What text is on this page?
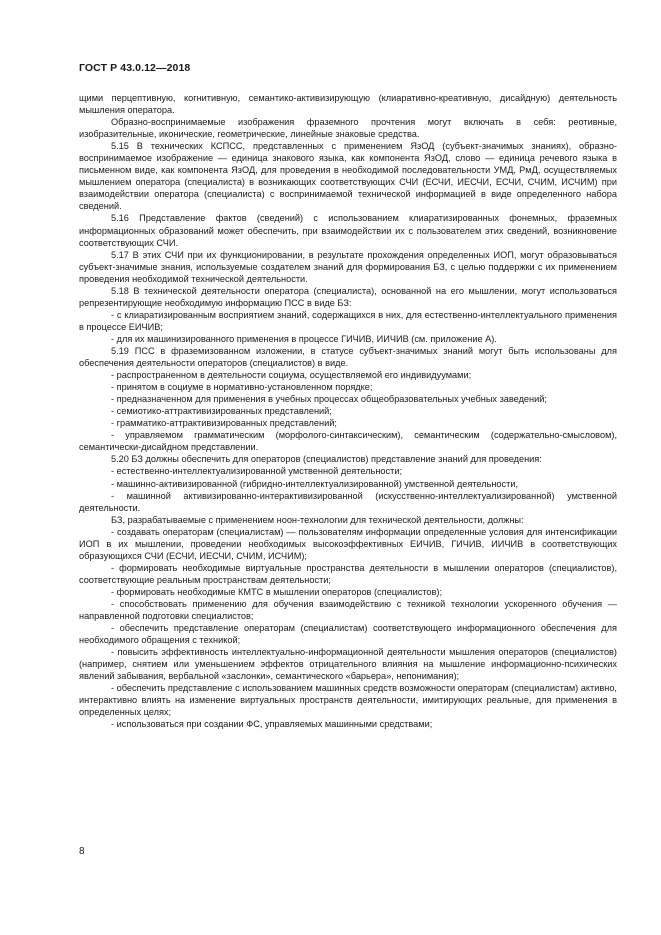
ГОСТ Р 43.0.12—2018

щими перцептивную, когнитивную, семантико-активизирующую (клиаративно-креативную, дисайдную) деятельность мышления оператора.

Образно-воспринимаемые изображения фраземного прочтения могут включать в себя: реотивные, изобразительные, иконические, геометрические, линейные знаковые средства.

5.15 В технических КСПСС, представленных с применением ЯзОД (субъект-значимых знаниях), образно-воспринимаемое изображение — единица знакового языка, как компонента ЯзОД, слово — единица речевого языка в письменном виде, как компонента ЯзОД, для проведения в необходимой последовательности УМД, РмД, осуществляемых мышлением оператора (специалиста) в возникающих соответствующих СЧИ (ЕСЧИ, ИЕСЧИ, ЕСЧИ, СЧИМ, ИСЧИМ) при взаимодействии оператора (специалиста) с воспринимаемой технической информацией в виде определенного набора сведений.

5.16 Представление фактов (сведений) с использованием клиаратизированных фонемных, фраземных информационных образований может обеспечить, при взаимодействии их с пользователем этих сведений, возникновение соответствующих СЧИ.

5.17 В этих СЧИ при их функционировании, в результате прохождения определенных ИОП, могут образовываться субъект-значимые знания, используемые создателем знаний для формирования БЗ, с целью поддержки с их применением проведения необходимой технической деятельности.

5.18 В технической деятельности оператора (специалиста), основанной на его мышлении, могут использоваться репрезентирующие необходимую информацию ПСС в виде БЗ:

- с клиаратизированным восприятием знаний, содержащихся в них, для естественно-интеллектуального применения в процессе ЕИЧИВ;

- для их машинизированного применения в процессе ГИЧИВ, ИИЧИВ (см. приложение А).

5.19 ПСС в фраземизованном изложении, в статусе субъект-значимых знаний могут быть использованы для обеспечения деятельности операторов (специалистов) в виде.

- распространенном в деятельности социума, осуществляемой его индивидуумами;

- принятом в социуме в нормативно-установленном порядке;

- предназначенном для применения в учебных процессах общеобразовательных учебных заведений;

- семиотико-аттрактивизированных представлений;

- грамматико-аттрактивизированных представлений;

- управляемом грамматическим (морфолого-синтаксическим), семантическим (содержательно-смысловом), семантически-дисайдном представлении.

5.20 БЗ должны обеспечить для операторов (специалистов) представление знаний для проведения:

- естественно-интеллектуализированной умственной деятельности;

- машинно-активизированной (гибридно-интеллектуализированной) умственной деятельности,

- машинной активизированно-интерактивизированной (искусственно-интеллектуализированной) умственной деятельности.

БЗ, разрабатываемые с применением ноон-технологии для технической деятельности, должны:

- создавать операторам (специалистам) — пользователям информации определенные условия для интенсификации ИОП в их мышлении, проведении необходимых высокоэффективных ЕИЧИВ, ГИЧИВ, ИИЧИВ в соответствующих образующихся СЧИ (ЕСЧИ, ИЕСЧИ, СЧИМ, ИСЧИМ);

- формировать необходимые виртуальные пространства деятельности в мышлении операторов (специалистов), соответствующие реальным пространствам деятельности;

- формировать необходимые КМТС в мышлении операторов (специалистов);

- способствовать применению для обучения взаимодействию с техникой технологии ускоренного обучения — направленной подготовки специалистов;

- обеспечить представление операторам (специалистам) соответствующего информационного обеспечения для необходимого обращения с техникой;

- повысить эффективность интеллектуально-информационной деятельности мышления операторов (специалистов) (например, снятием или уменьшением эффектов отрицательного влияния на мышление информационно-психических явлений забывания, вербальной «заслонки», семантического «барьера», непонимания);

- обеспечить представление с использованием машинных средств возможности операторам (специалистам) активно, интерактивно влиять на изменение виртуальных пространств деятельности, имитирующих реальные, для применения в определенных целях;

- использоваться при создании ФС, управляемых машинными средствами;

8
